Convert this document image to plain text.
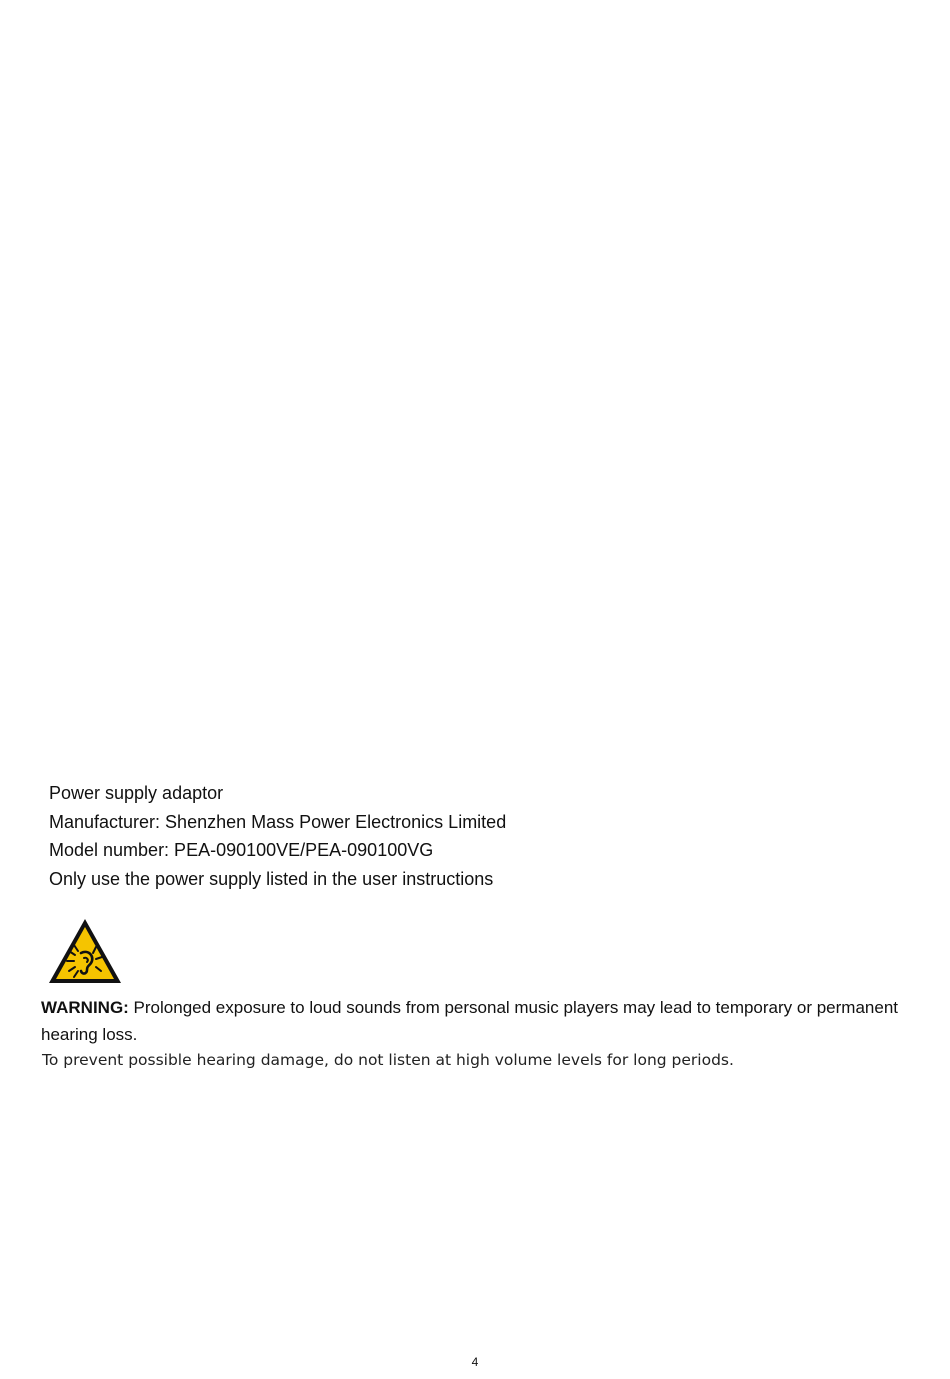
Power supply adaptor

Manufacturer: Shenzhen Mass Power Electronics Limited

Model number: PEA-090100VE/PEA-090100VG

Only use the power supply listed in the user instructions

WARNING: Prolonged exposure to loud sounds from personal music players may lead to temporary or permanent hearing loss.

To prevent possible hearing damage, do not listen at high volume levels for long periods.

4
